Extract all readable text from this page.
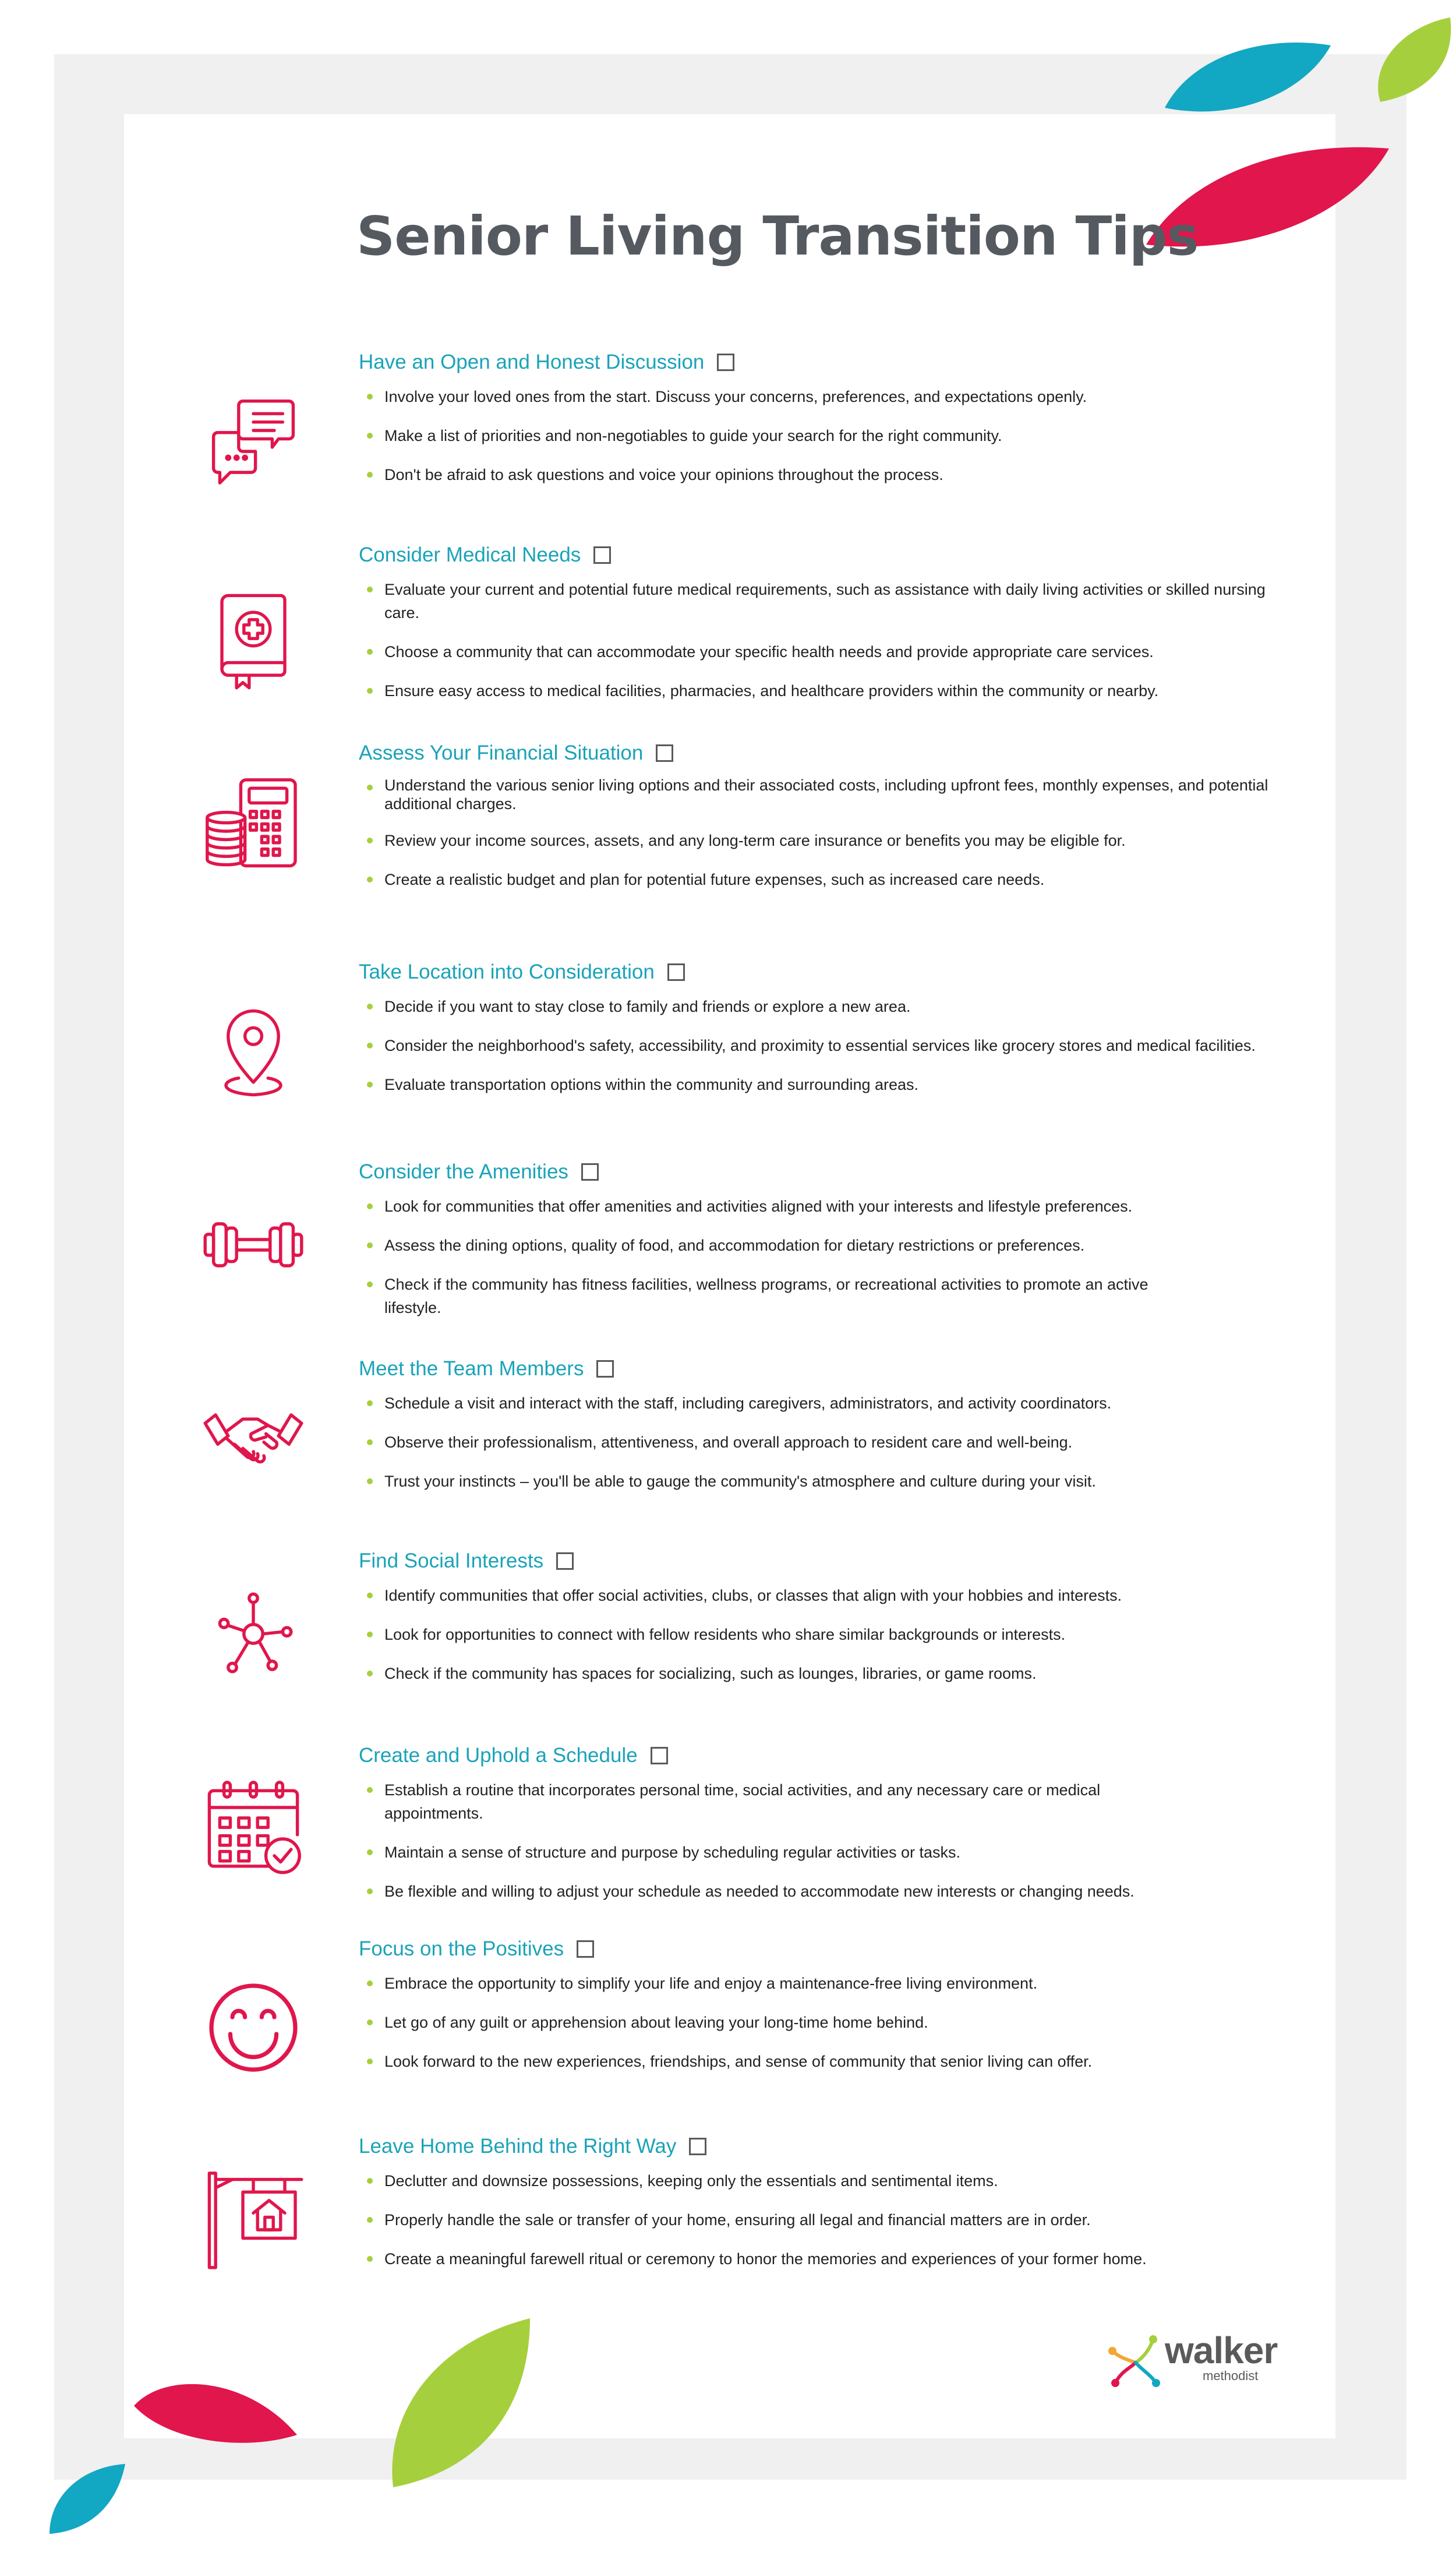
Senior Living Transition Tips
Have an Open and Honest Discussion
Involve your loved ones from the start. Discuss your concerns, preferences, and expectations openly.
Make a list of priorities and non-negotiables to guide your search for the right community.
Don't be afraid to ask questions and voice your opinions throughout the process.
Consider Medical Needs
Evaluate your current and potential future medical requirements, such as assistance with daily living activities or skilled nursing care.
Choose a community that can accommodate your specific health needs and provide appropriate care services.
Ensure easy access to medical facilities, pharmacies, and healthcare providers within the community or nearby.
Assess Your Financial Situation
Understand the various senior living options and their associated costs, including upfront fees, monthly expenses, and potential additional charges.
Review your income sources, assets, and any long-term care insurance or benefits you may be eligible for.
Create a realistic budget and plan for potential future expenses, such as increased care needs.
Take Location into Consideration
Decide if you want to stay close to family and friends or explore a new area.
Consider the neighborhood's safety, accessibility, and proximity to essential services like grocery stores and medical facilities.
Evaluate transportation options within the community and surrounding areas.
Consider the Amenities
Look for communities that offer amenities and activities aligned with your interests and lifestyle preferences.
Assess the dining options, quality of food, and accommodation for dietary restrictions or preferences.
Check if the community has fitness facilities, wellness programs, or recreational activities to promote an active lifestyle.
Meet the Team Members
Schedule a visit and interact with the staff, including caregivers, administrators, and activity coordinators.
Observe their professionalism, attentiveness, and overall approach to resident care and well-being.
Trust your instincts – you'll be able to gauge the community's atmosphere and culture during your visit.
Find Social Interests
Identify communities that offer social activities, clubs, or classes that align with your hobbies and interests.
Look for opportunities to connect with fellow residents who share similar backgrounds or interests.
Check if the community has spaces for socializing, such as lounges, libraries, or game rooms.
Create and Uphold a Schedule
Establish a routine that incorporates personal time, social activities, and any necessary care or medical appointments.
Maintain a sense of structure and purpose by scheduling regular activities or tasks.
Be flexible and willing to adjust your schedule as needed to accommodate new interests or changing needs.
Focus on the Positives
Embrace the opportunity to simplify your life and enjoy a maintenance-free living environment.
Let go of any guilt or apprehension about leaving your long-time home behind.
Look forward to the new experiences, friendships, and sense of community that senior living can offer.
Leave Home Behind the Right Way
Declutter and downsize possessions, keeping only the essentials and sentimental items.
Properly handle the sale or transfer of your home, ensuring all legal and financial matters are in order.
Create a meaningful farewell ritual or ceremony to honor the memories and experiences of your former home.
walker
methodist
